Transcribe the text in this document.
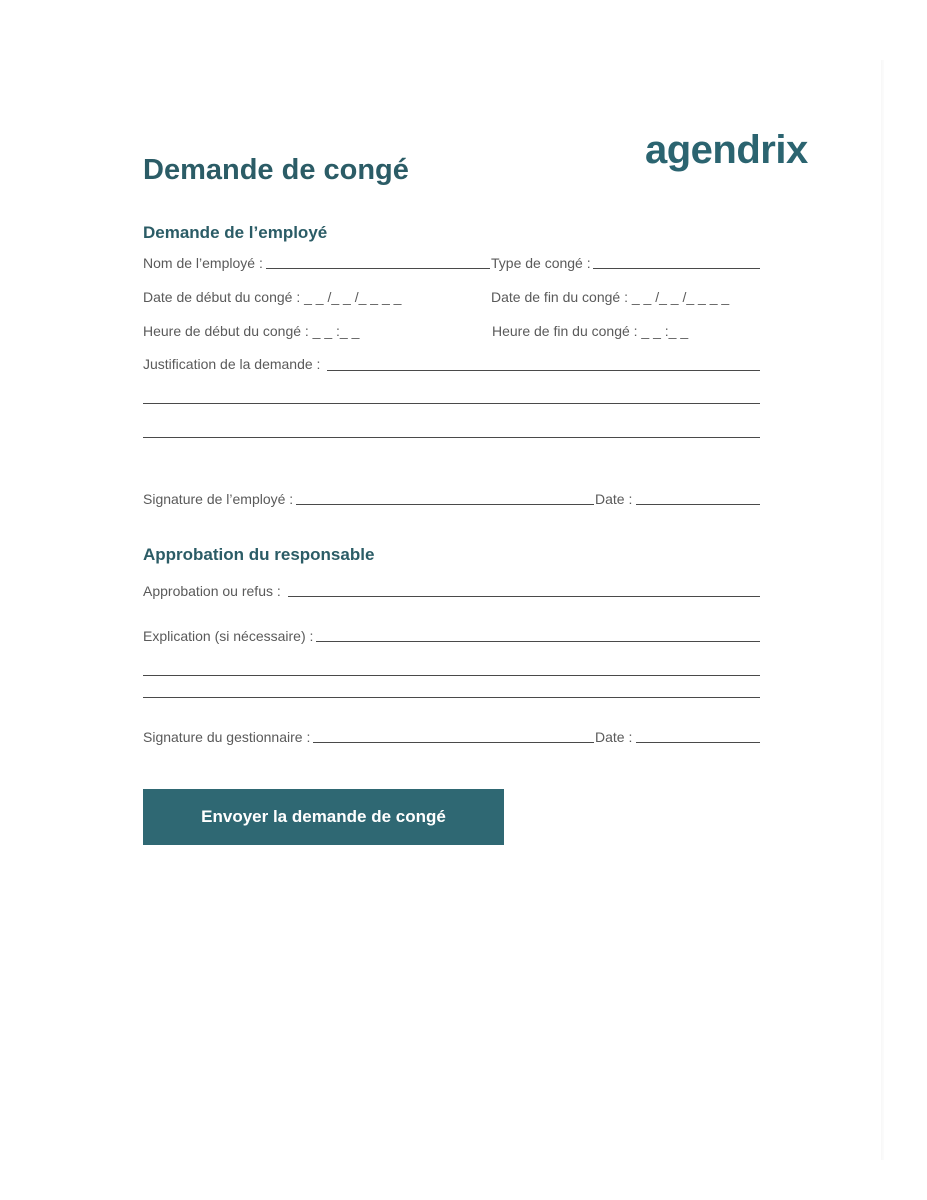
Demande de congé	agendrix
Demande de l’employé
Nom de l’employé :	Type de congé :
Date de début du congé : _ _ /_ _ /_ _ _ _	Date de fin du congé : _ _ /_ _ /_ _ _ _
Heure de début du congé : _ _ :_ _	Heure de fin du congé : _ _ :_ _
Justification de la demande :
Signature de l’employé :	Date :
Approbation du responsable
Approbation ou refus :
Explication (si nécessaire) :
Signature du gestionnaire :	Date :
Envoyer la demande de congé
